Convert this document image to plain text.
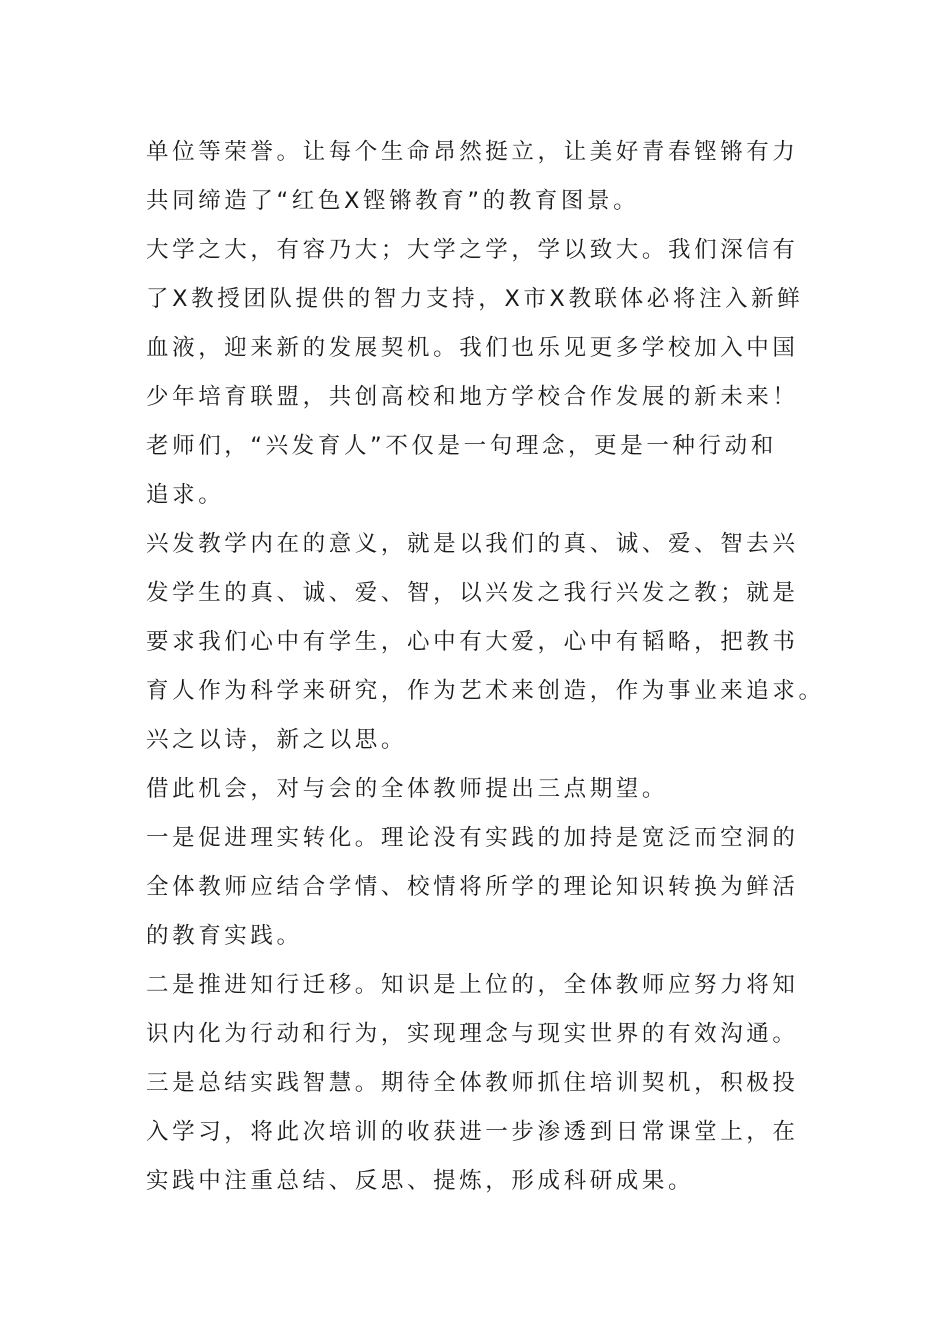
单位等荣誉。让每个生命昂然挺立，让美好青春铿锵有力
共同缔造了“红色X铿锵教育”的教育图景。

大学之大，有容乃大；大学之学，学以致大。我们深信有
了X教授团队提供的智力支持，X市X教联体必将注入新鲜
血液，迎来新的发展契机。我们也乐见更多学校加入中国
少年培育联盟，共创高校和地方学校合作发展的新未来！

老师们，“兴发育人”不仅是一句理念，更是一种行动和
追求。

兴发教学内在的意义，就是以我们的真、诚、爱、智去兴
发学生的真、诚、爱、智，以兴发之我行兴发之教；就是
要求我们心中有学生，心中有大爱，心中有韬略，把教书
育人作为科学来研究，作为艺术来创造，作为事业来追求。
兴之以诗，新之以思。

借此机会，对与会的全体教师提出三点期望。

一是促进理实转化。理论没有实践的加持是宽泛而空洞的
全体教师应结合学情、校情将所学的理论知识转换为鲜活
的教育实践。

二是推进知行迁移。知识是上位的，全体教师应努力将知
识内化为行动和行为，实现理念与现实世界的有效沟通。

三是总结实践智慧。期待全体教师抓住培训契机，积极投
入学习，将此次培训的收获进一步渗透到日常课堂上，在
实践中注重总结、反思、提炼，形成科研成果。
